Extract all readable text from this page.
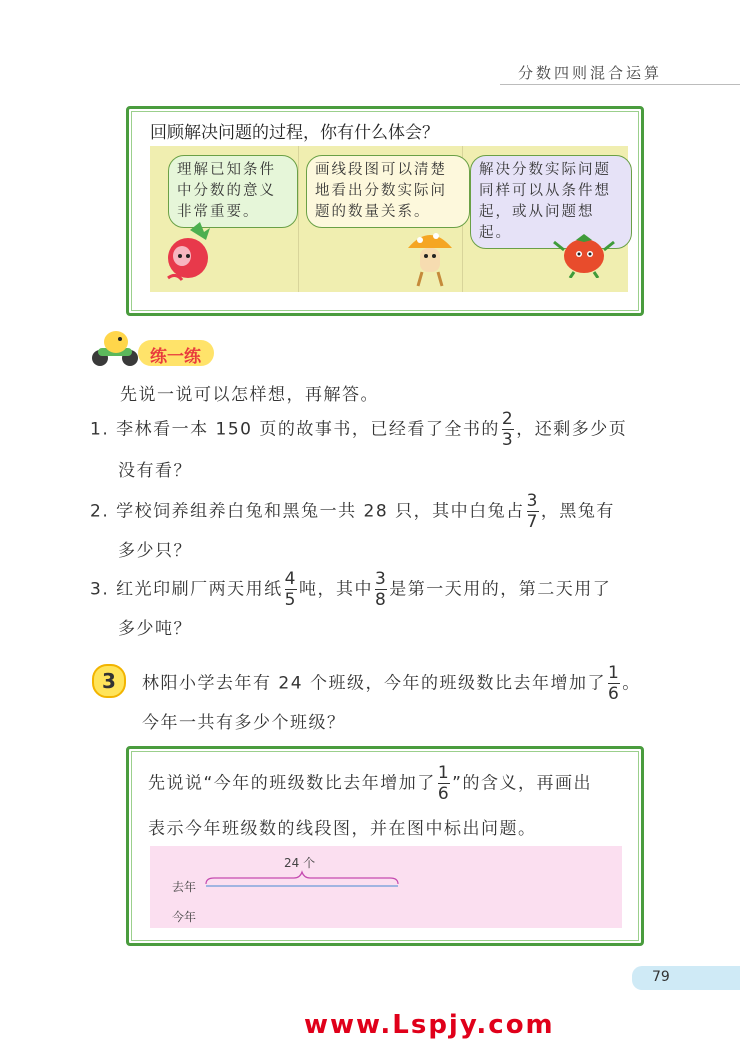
分数四则混合运算
回顾解决问题的过程，你有什么体会？
理解已知条件中分数的意义非常重要。
画线段图可以清楚地看出分数实际问题的数量关系。
解决分数实际问题同样可以从条件想起，或从问题想起。
练一练
先说一说可以怎样想，再解答。
1. 李林看一本 150 页的故事书，已经看了全书的 $\frac{2}{3}$ ，还剩多少页
没有看？
2. 学校饲养组养白兔和黑兔一共 28 只，其中白兔占 $\frac{3}{7}$ ，黑兔有
多少只？
3. 红光印刷厂两天用纸 $\frac{4}{5}$ 吨，其中 $\frac{3}{8}$ 是第一天用的，第二天用了
多少吨？
3	林阳小学去年有 24 个班级，今年的班级数比去年增加了 $\frac{1}{6}$ 。
今年一共有多少个班级？
先说说“今年的班级数比去年增加了 $\frac{1}{6}$ ”的含义，再画出
表示今年班级数的线段图，并在图中标出问题。
24 个
去年
今年
79
www.Lspjy.com
